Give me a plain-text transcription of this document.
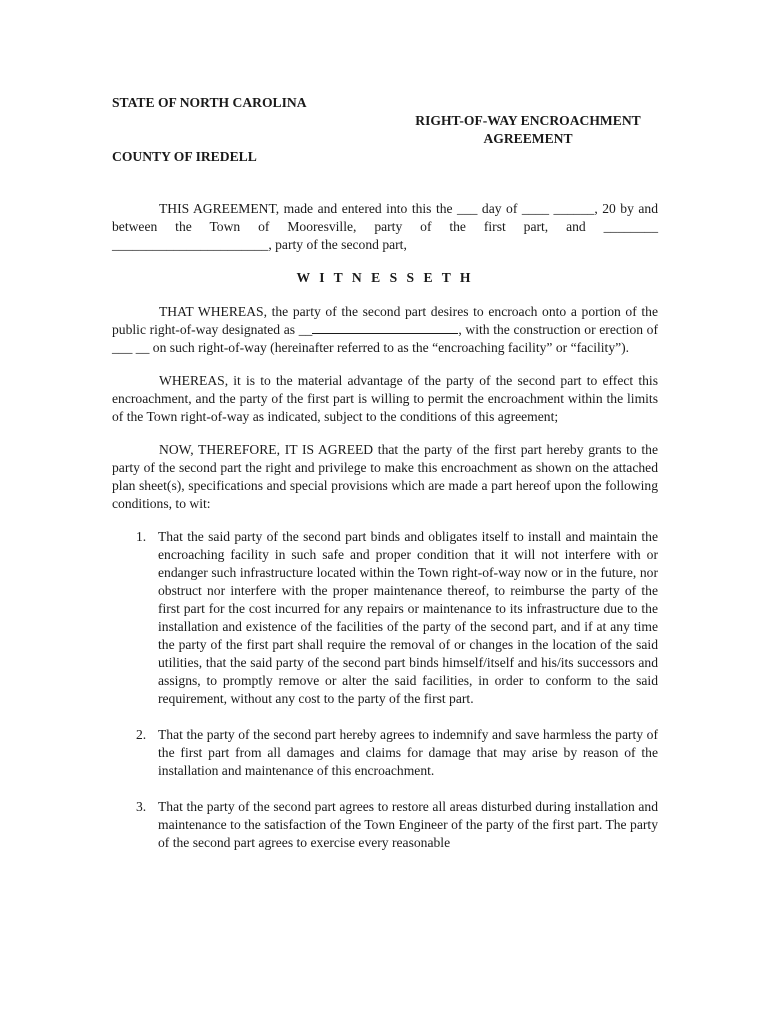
STATE OF NORTH CAROLINA
RIGHT-OF-WAY ENCROACHMENT
AGREEMENT
COUNTY OF IREDELL

THIS AGREEMENT, made and entered into this the ___ day of ____ ______, 20 by and between the Town of Mooresville, party of the first part, and ________ _______________________, party of the second part,

W I T N E S S E T H

THAT WHEREAS, the party of the second part desires to encroach onto a portion of the public right-of-way designated as __	, with the construction or erection of ___ __ on such right-of-way (hereinafter referred to as the “encroaching facility” or “facility”).

WHEREAS, it is to the material advantage of the party of the second part to effect this encroachment, and the party of the first part is willing to permit the encroachment within the limits of the Town right-of-way as indicated, subject to the conditions of this agreement;

NOW, THEREFORE, IT IS AGREED that the party of the first part hereby grants to the party of the second part the right and privilege to make this encroachment as shown on the attached plan sheet(s), specifications and special provisions which are made a part hereof upon the following conditions, to wit:

1. That the said party of the second part binds and obligates itself to install and maintain the encroaching facility in such safe and proper condition that it will not interfere with or endanger such infrastructure located within the Town right-of-way now or in the future, nor obstruct nor interfere with the proper maintenance thereof, to reimburse the party of the first part for the cost incurred for any repairs or maintenance to its infrastructure due to the installation and existence of the facilities of the party of the second part, and if at any time the party of the first part shall require the removal of or changes in the location of the said utilities, that the said party of the second part binds himself/itself and his/its successors and assigns, to promptly remove or alter the said facilities, in order to conform to the said requirement, without any cost to the party of the first part.
2. That the party of the second part hereby agrees to indemnify and save harmless the party of the first part from all damages and claims for damage that may arise by reason of the installation and maintenance of this encroachment.
3. That the party of the second part agrees to restore all areas disturbed during installation and maintenance to the satisfaction of the Town Engineer of the party of the first part. The party of the second part agrees to exercise every reasonable
